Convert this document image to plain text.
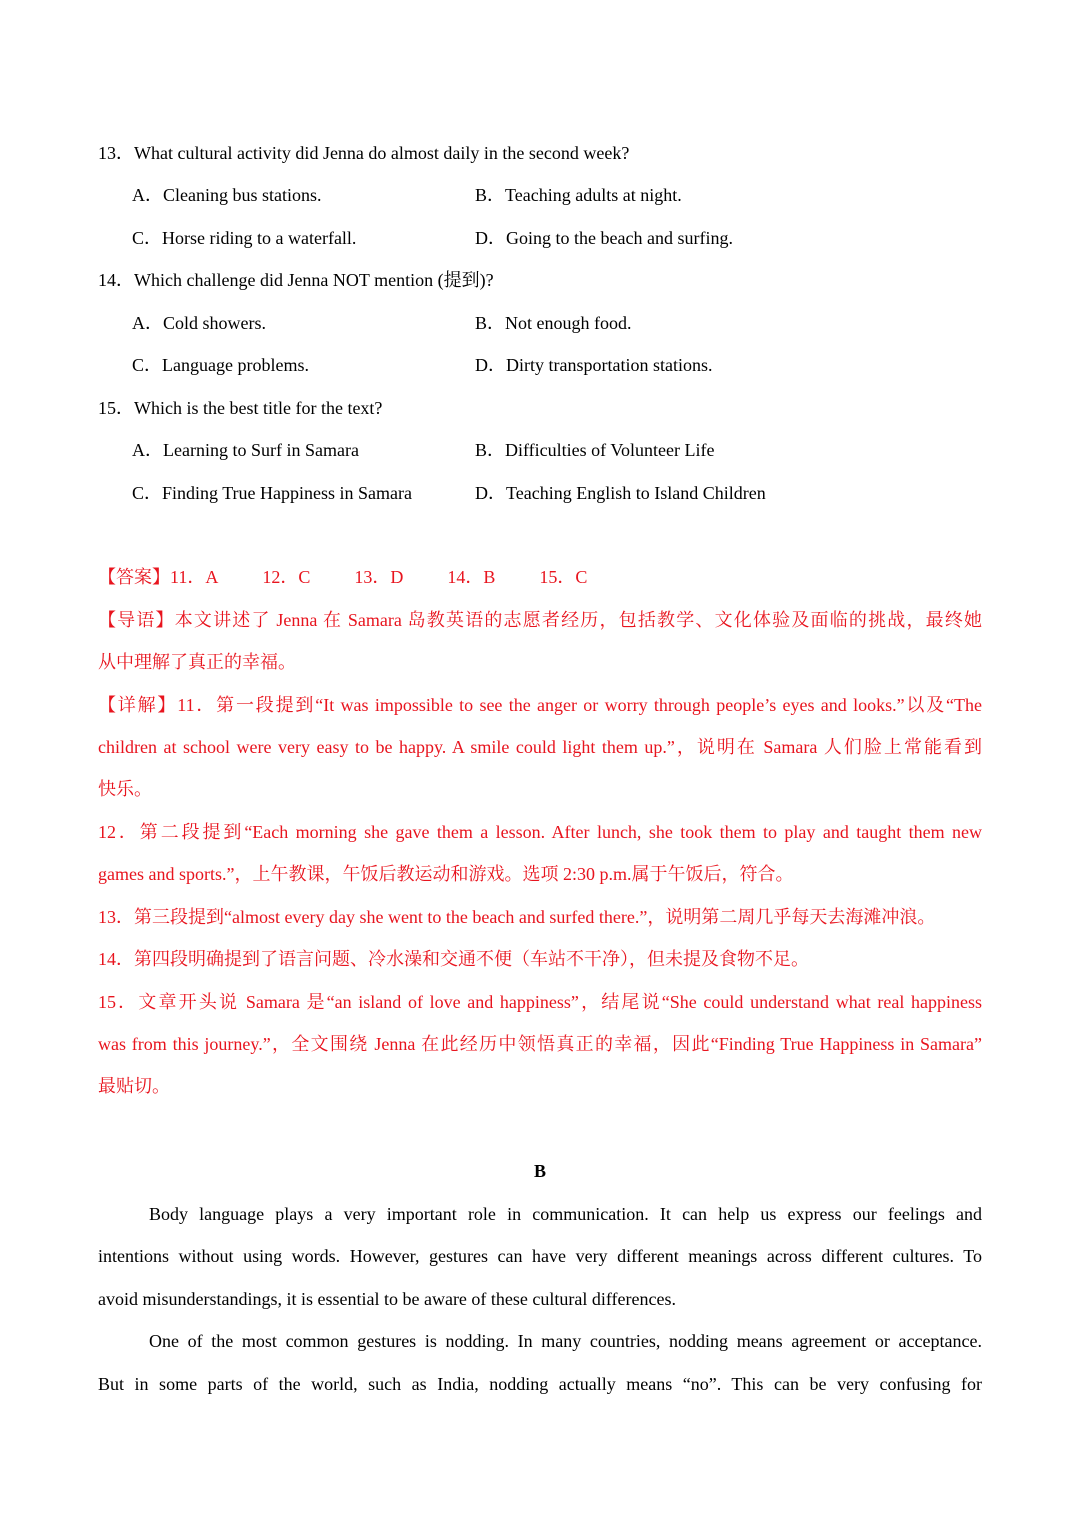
13．What cultural activity did Jenna do almost daily in the second week?
A．Cleaning bus stations.	B．Teaching adults at night.
C．Horse riding to a waterfall.	D．Going to the beach and surfing.
14．Which challenge did Jenna NOT mention (提到)?
A．Cold showers.	B．Not enough food.
C．Language problems.	D．Dirty transportation stations.
15．Which is the best title for the text?
A．Learning to Surf in Samara	B．Difficulties of Volunteer Life
C．Finding True Happiness in Samara	D．Teaching English to Island Children
【答案】11．A 12．C 13．D 14．B 15．C
【导语】本文讲述了 Jenna 在 Samara 岛教英语的志愿者经历，包括教学、文化体验及面临的挑战，最终她
从中理解了真正的幸福。
【详解】11．第一段提到“It was impossible to see the anger or worry through people’s eyes and looks.”以及“The
children at school were very easy to be happy. A smile could light them up.”，说明在 Samara 人们脸上常能看到
快乐。
12．第二段提到“Each morning she gave them a lesson. After lunch, she took them to play and taught them new
games and sports.”，上午教课，午饭后教运动和游戏。选项 2:30 p.m.属于午饭后，符合。
13．第三段提到“almost every day she went to the beach and surfed there.”，说明第二周几乎每天去海滩冲浪。
14．第四段明确提到了语言问题、冷水澡和交通不便（车站不干净），但未提及食物不足。
15．文章开头说 Samara 是“an island of love and happiness”，结尾说“She could understand what real happiness
was from this journey.”，全文围绕 Jenna 在此经历中领悟真正的幸福，因此“Finding True Happiness in Samara”
最贴切。
B
Body language plays a very important role in communication. It can help us express our feelings and
intentions without using words. However, gestures can have very different meanings across different cultures. To
avoid misunderstandings, it is essential to be aware of these cultural differences.
One of the most common gestures is nodding. In many countries, nodding means agreement or acceptance.
But in some parts of the world, such as India, nodding actually means “no”. This can be very confusing for
